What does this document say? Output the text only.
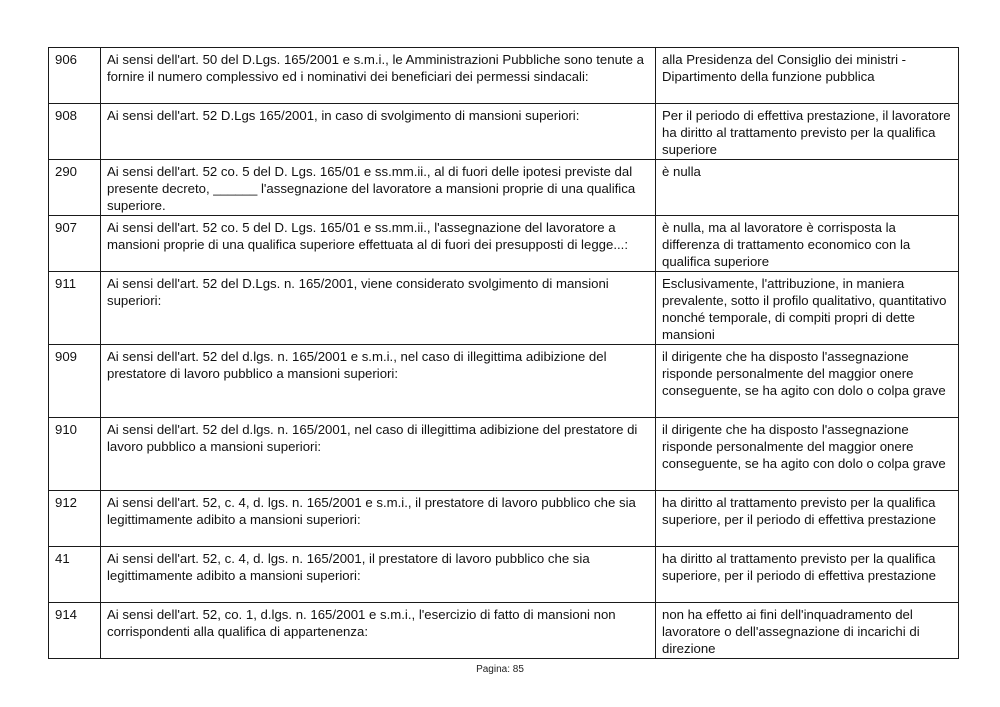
906	Ai sensi dell'art. 50 del D.Lgs. 165/2001 e s.m.i., le Amministrazioni Pubbliche sono tenute a fornire il numero complessivo ed i nominativi dei beneficiari dei permessi sindacali:	alla Presidenza del Consiglio dei ministri - Dipartimento della funzione pubblica
908	Ai sensi dell'art. 52 D.Lgs 165/2001, in caso di svolgimento di mansioni superiori:	Per il periodo di effettiva prestazione, il lavoratore ha diritto al trattamento previsto per la qualifica superiore
290	Ai sensi dell'art. 52 co. 5 del D. Lgs. 165/01 e ss.mm.ii., al di fuori delle ipotesi previste dal presente decreto, ______ l'assegnazione del lavoratore a mansioni proprie di una qualifica superiore.	è nulla
907	Ai sensi dell'art. 52 co. 5 del D. Lgs. 165/01 e ss.mm.ii., l'assegnazione del lavoratore a mansioni proprie di una qualifica superiore effettuata al di fuori dei presupposti di legge...:	è nulla, ma al lavoratore è corrisposta la differenza di trattamento economico con la qualifica superiore
911	Ai sensi dell'art. 52 del D.Lgs. n. 165/2001, viene considerato svolgimento di mansioni superiori:	Esclusivamente, l'attribuzione, in maniera prevalente, sotto il profilo qualitativo, quantitativo nonché temporale, di compiti propri di dette mansioni
909	Ai sensi dell'art. 52 del d.lgs. n. 165/2001 e s.m.i., nel caso di illegittima adibizione del prestatore di lavoro pubblico a mansioni superiori:	il dirigente che ha disposto l'assegnazione risponde personalmente del maggior onere conseguente, se ha agito con dolo o colpa grave
910	Ai sensi dell'art. 52 del d.lgs. n. 165/2001, nel caso di illegittima adibizione del prestatore di lavoro pubblico a mansioni superiori:	il dirigente che ha disposto l'assegnazione risponde personalmente del maggior onere conseguente, se ha agito con dolo o colpa grave
912	Ai sensi dell'art. 52, c. 4, d. lgs. n. 165/2001 e s.m.i., il prestatore di lavoro pubblico che sia legittimamente adibito a mansioni superiori:	ha diritto al trattamento previsto per la qualifica superiore, per il periodo di effettiva prestazione
41	Ai sensi dell'art. 52, c. 4, d. lgs. n. 165/2001, il prestatore di lavoro pubblico che sia legittimamente adibito a mansioni superiori:	ha diritto al trattamento previsto per la qualifica superiore, per il periodo di effettiva prestazione
914	Ai sensi dell'art. 52, co. 1, d.lgs. n. 165/2001 e s.m.i., l'esercizio di fatto di mansioni non corrispondenti alla qualifica di appartenenza:	non ha effetto ai fini dell'inquadramento del lavoratore o dell'assegnazione di incarichi di direzione
Pagina: 85
